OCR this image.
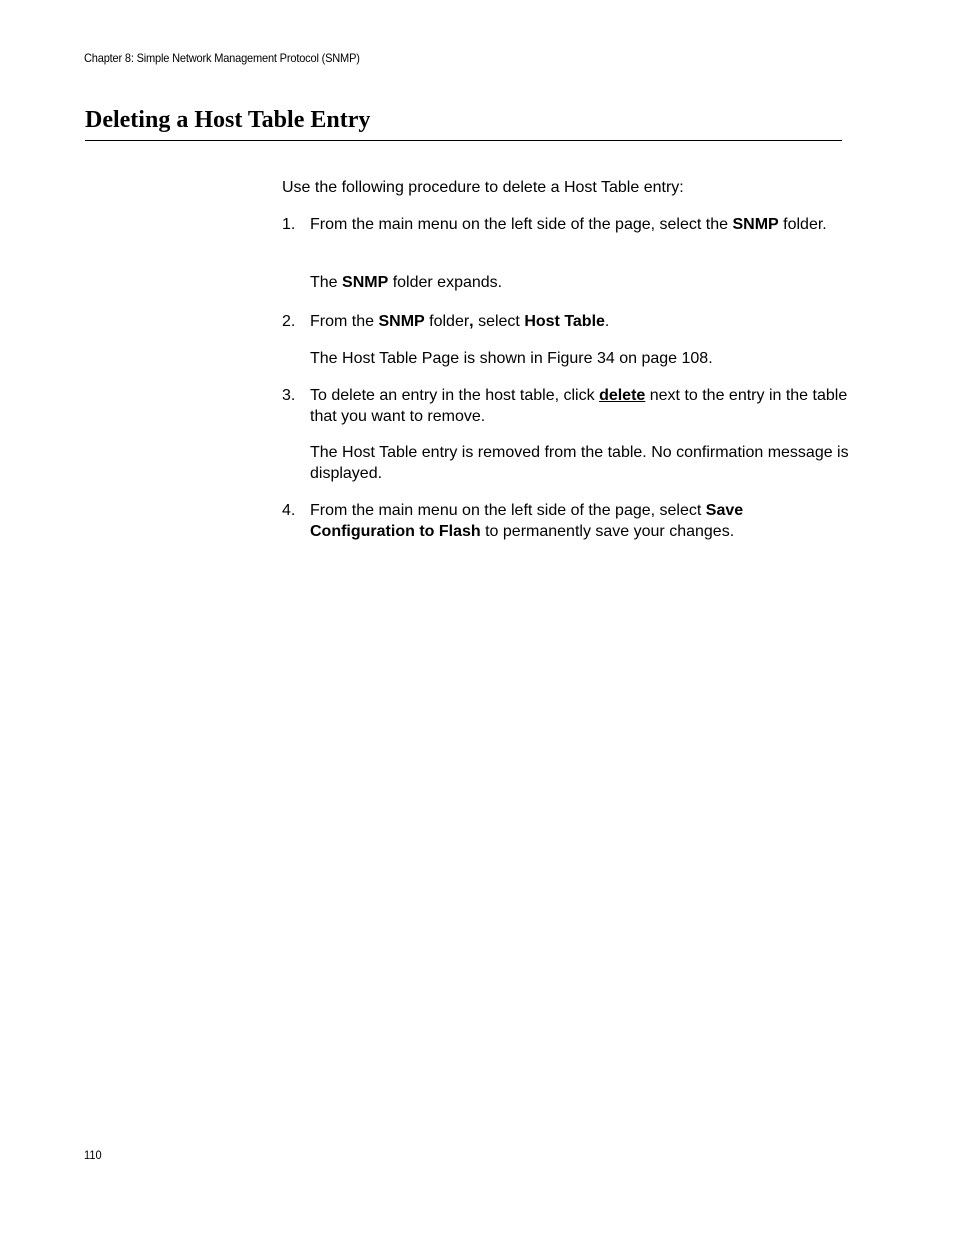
Chapter 8: Simple Network Management Protocol (SNMP)
Deleting a Host Table Entry
Use the following procedure to delete a Host Table entry:
1. From the main menu on the left side of the page, select the SNMP folder.
The SNMP folder expands.
2. From the SNMP folder, select Host Table.
The Host Table Page is shown in Figure 34 on page 108.
3. To delete an entry in the host table, click delete next to the entry in the table that you want to remove.
The Host Table entry is removed from the table. No confirmation message is displayed.
4. From the main menu on the left side of the page, select Save Configuration to Flash to permanently save your changes.
110
